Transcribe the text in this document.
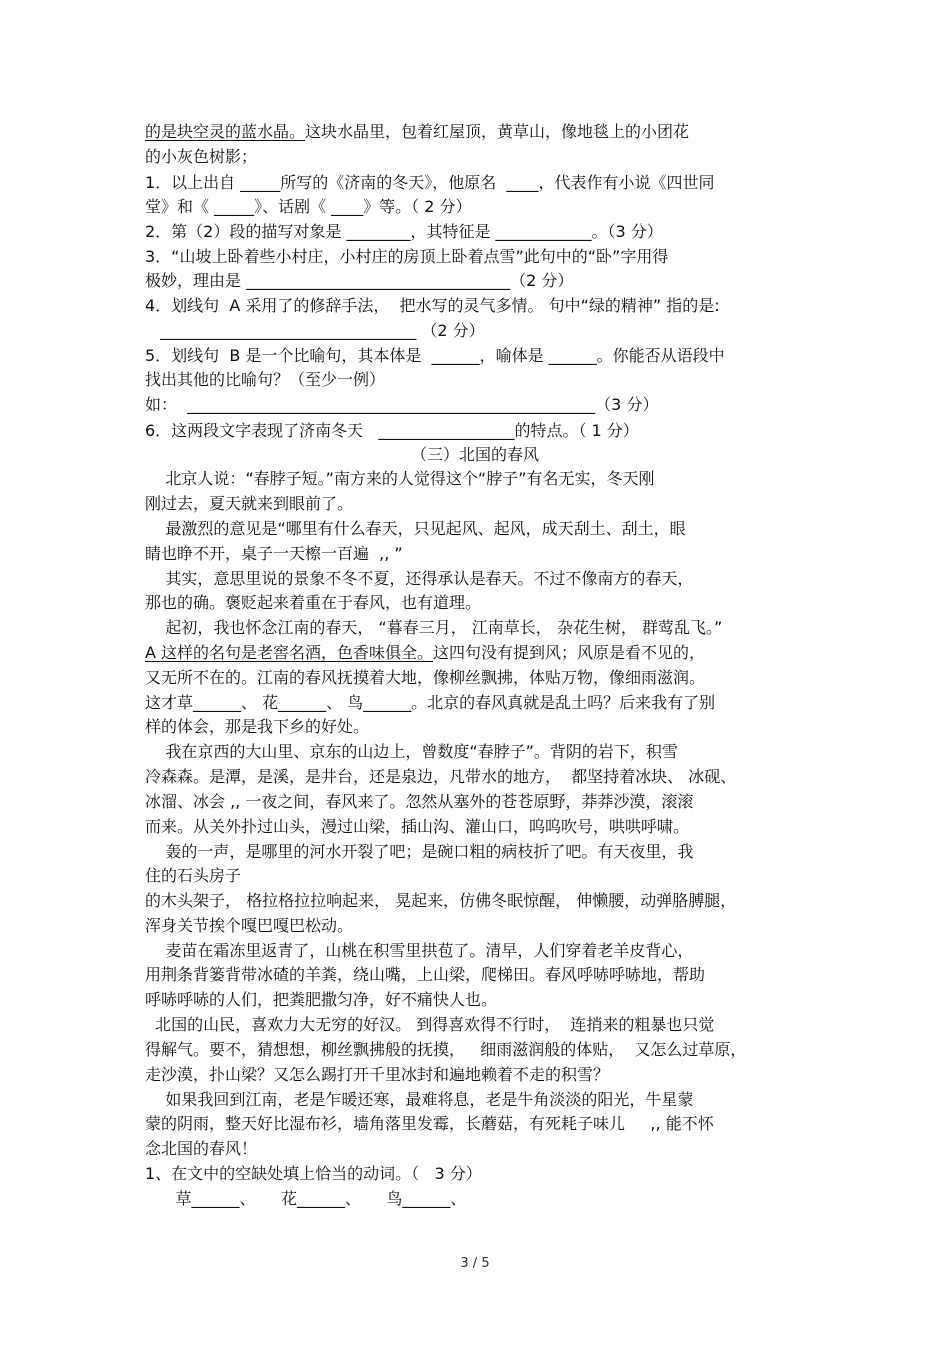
的是块空灵的蓝水晶。这块水晶里，包着红屋顶，黄草山，像地毯上的小团花
的小灰色树影；
1．以上出自 _____所写的《济南的冬天》，他原名  ____，代表作有小说《四世同
堂》和《 _____》、话剧《 ____》等。（ 2 分）
2．第（2）段的描写对象是 ________，其特征是 ____________。（3 分）
3．“山坡上卧着些小村庄，小村庄的房顶上卧着点雪”此句中的“卧”字用得
极妙，理由是 _________________________________（2 分）
4．划线句  A 采用了的修辞手法，  把水写的灵气多情。 句中“绿的精神” 指的是:
________________________________ （2 分）
5．划线句  B 是一个比喻句，其本体是  ______，喻体是 ______。你能否从语段中
找出其他的比喻句？（至少一例）
如：  ___________________________________________________（3 分）
6．这两段文字表现了济南冬天   _________________的特点。（ 1 分）
（三）北国的春风
北京人说：“春脖子短。”南方来的人觉得这个“脖子”有名无实，冬天刚
刚过去，夏天就来到眼前了。
最激烈的意见是“哪里有什么春天，只见起风、起风，成天刮土、刮土，眼
睛也睁不开，桌子一天檫一百遍  ,, ”
其实，意思里说的景象不冬不夏，还得承认是春天。不过不像南方的春天，
那也的确。褒贬起来着重在于春风，也有道理。
起初，我也怀念江南的春天， “暮春三月， 江南草长， 杂花生树， 群莺乱飞。”
A 这样的名句是老窖名酒，色香味俱全。这四句没有提到风；风原是看不见的，
又无所不在的。江南的春风抚摸着大地，像柳丝飘拂，体贴万物，像细雨滋润。
这才草______、 花______、 鸟______。北京的春风真就是乱土吗？后来我有了别
样的体会，那是我下乡的好处。
我在京西的大山里、京东的山边上，曾数度“春脖子”。背阴的岩下，积雪
冷森森。是潭，是溪，是井台，还是泉边，凡带水的地方，  都坚持着冰块、 冰砚、
冰溜、冰会 ,, 一夜之间，春风来了。忽然从塞外的苍苍原野，莽莽沙漠，滚滚
而来。从关外扑过山头，漫过山梁，插山沟、灌山口，呜呜吹号，哄哄呼啸。
轰的一声，是哪里的河水开裂了吧；是碗口粗的病枝折了吧。有天夜里，我
住的石头房子
的木头架子， 格拉格拉拉响起来， 晃起来，仿佛冬眠惊醒， 伸懒腰，动弹胳膊腿，
浑身关节挨个嘎巴嘎巴松动。
麦苗在霜冻里返青了，山桃在积雪里拱苞了。清早，人们穿着老羊皮背心，
用荆条背篓背带冰碴的羊粪，绕山嘴，上山梁，爬梯田。春风呼哧呼哧地，帮助
呼哧呼哧的人们，把粪肥撒匀净，好不痛快人也。
北国的山民，喜欢力大无穷的好汉。 到得喜欢得不行时，  连捎来的粗暴也只觉
得解气。要不，猜想想，柳丝飘拂般的抚摸，   细雨滋润般的体贴，  又怎么过草原，
走沙漠，扑山梁？又怎么踢打开千里冰封和遍地赖着不走的积雪？
如果我回到江南，老是乍暖还寒，最难将息，老是牛角淡淡的阳光，牛星蒙
蒙的阴雨，整天好比湿布衫，墙角落里发霉，长蘑菇，有死耗子味儿     ,, 能不怀
念北国的春风！
1、在文中的空缺处填上恰当的动词。（   3 分）
草______、     花______、     鸟______、
3 / 5
